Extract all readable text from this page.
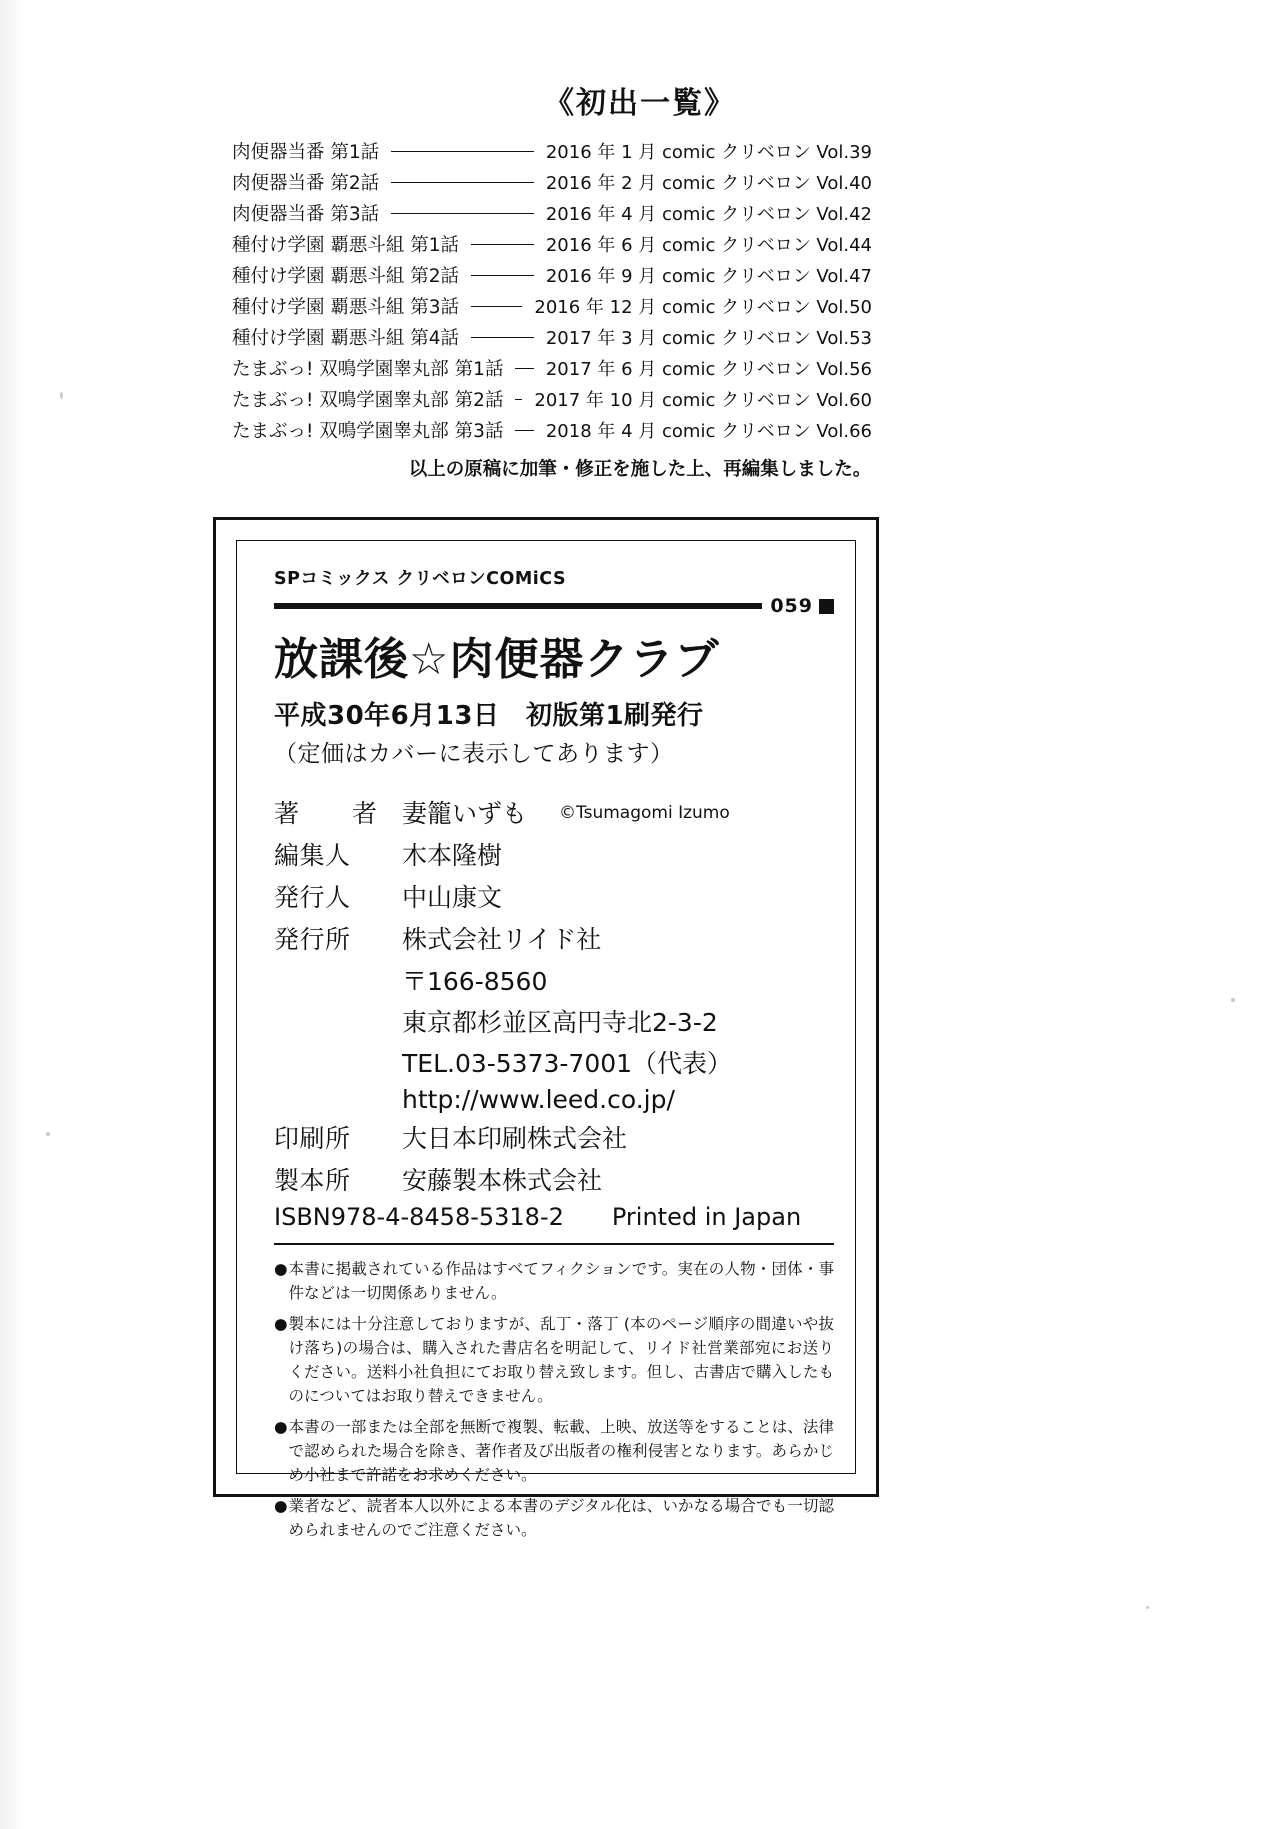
《初出一覧》
肉便器当番 第1話	2016 年 1 月 comic クリベロン Vol.39
肉便器当番 第2話	2016 年 2 月 comic クリベロン Vol.40
肉便器当番 第3話	2016 年 4 月 comic クリベロン Vol.42
種付け学園 覇悪斗組 第1話	2016 年 6 月 comic クリベロン Vol.44
種付け学園 覇悪斗組 第2話	2016 年 9 月 comic クリベロン Vol.47
種付け学園 覇悪斗組 第3話	2016 年 12 月 comic クリベロン Vol.50
種付け学園 覇悪斗組 第4話	2017 年 3 月 comic クリベロン Vol.53
たまぶっ! 双鳴学園睾丸部 第1話	2017 年 6 月 comic クリベロン Vol.56
たまぶっ! 双鳴学園睾丸部 第2話	2017 年 10 月 comic クリベロン Vol.60
たまぶっ! 双鳴学園睾丸部 第3話	2018 年 4 月 comic クリベロン Vol.66
以上の原稿に加筆・修正を施した上、再編集しました。
SPコミックス クリベロンCOMiCS
059
放課後☆肉便器クラブ
平成30年6月13日　初版第1刷発行
（定価はカバーに表示してあります）
著　者 妻籠いずも ©Tsumagomi Izumo
編集人	木本隆樹
発行人	中山康文
発行所	株式会社リイド社
〒166-8560
東京都杉並区高円寺北2-3-2
TEL.03-5373-7001（代表）
http://www.leed.co.jp/
印刷所	大日本印刷株式会社
製本所	安藤製本株式会社
ISBN978-4-8458-5318-2	Printed in Japan
● 本書に掲載されている作品はすべてフィクションです。実在の人物・団体・事件などは一切関係ありません。
● 製本には十分注意しておりますが、乱丁・落丁 (本のページ順序の間違いや抜け落ち)の場合は、購入された書店名を明記して、リイド社営業部宛にお送りください。送料小社負担にてお取り替え致します。但し、古書店で購入したものについてはお取り替えできません。
● 本書の一部または全部を無断で複製、転載、上映、放送等をすることは、法律で認められた場合を除き、著作者及び出版者の権利侵害となります。あらかじめ小社まで許諾をお求めください。
● 業者など、読者本人以外による本書のデジタル化は、いかなる場合でも一切認められませんのでご注意ください。
